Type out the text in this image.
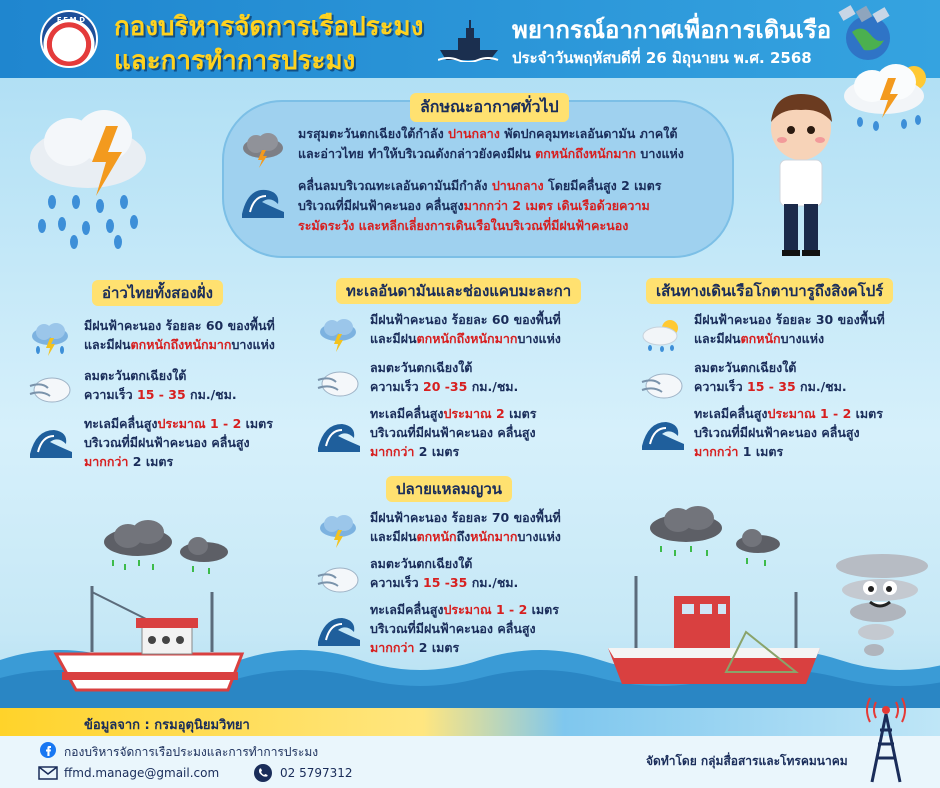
F.F.M.D	กองบริหารจัดการเรือประมง
และการทำการประมง
พยากรณ์อากาศเพื่อการเดินเรือ
ประจำวันพฤหัสบดีที่ 26 มิถุนายน พ.ศ. 2568
ลักษณะอากาศทั่วไป
มรสุมตะวันตกเฉียงใต้กำลัง ปานกลาง พัดปกคลุมทะเลอันดามัน ภาคใต้
และอ่าวไทย ทำให้บริเวณดังกล่าวยังคงมีฝน ตกหนักถึงหนักมาก บางแห่ง
คลื่นลมบริเวณทะเลอันดามันมีกำลัง ปานกลาง โดยมีคลื่นสูง 2 เมตร
บริเวณที่มีฝนฟ้าคะนอง คลื่นสูงมากกว่า 2 เมตร เดินเรือด้วยความ
ระมัดระวัง และหลีกเลี่ยงการเดินเรือในบริเวณที่มีฝนฟ้าคะนอง
อ่าวไทยทั้งสองฝั่ง
มีฝนฟ้าคะนอง ร้อยละ 60 ของพื้นที่
และมีฝนตกหนักถึงหนักมากบางแห่ง
ลมตะวันตกเฉียงใต้
ความเร็ว 15 - 35 กม./ชม.
ทะเลมีคลื่นสูงประมาณ 1 - 2 เมตร
บริเวณที่มีฝนฟ้าคะนอง คลื่นสูง
มากกว่า 2 เมตร
ทะเลอันดามันและช่องแคบมะละกา
มีฝนฟ้าคะนอง ร้อยละ 60 ของพื้นที่
และมีฝนตกหนักถึงหนักมากบางแห่ง
ลมตะวันตกเฉียงใต้
ความเร็ว 20 -35 กม./ชม.
ทะเลมีคลื่นสูงประมาณ 2 เมตร
บริเวณที่มีฝนฟ้าคะนอง คลื่นสูง
มากกว่า 2 เมตร
เส้นทางเดินเรือโกตาบารูถึงสิงคโปร์
มีฝนฟ้าคะนอง ร้อยละ 30 ของพื้นที่
และมีฝนตกหนักบางแห่ง
ลมตะวันตกเฉียงใต้
ความเร็ว 15 - 35 กม./ชม.
ทะเลมีคลื่นสูงประมาณ 1 - 2 เมตร
บริเวณที่มีฝนฟ้าคะนอง คลื่นสูง
มากกว่า 1 เมตร
ปลายแหลมญวน
มีฝนฟ้าคะนอง ร้อยละ 70 ของพื้นที่
และมีฝนตกหนักถึงหนักมากบางแห่ง
ลมตะวันตกเฉียงใต้
ความเร็ว 15 -35 กม./ชม.
ทะเลมีคลื่นสูงประมาณ 1 - 2 เมตร
บริเวณที่มีฝนฟ้าคะนอง คลื่นสูง
มากกว่า 2 เมตร
ข้อมูลจาก : กรมอุตุนิยมวิทยา
กองบริหารจัดการเรือประมงและการทำการประมง
ffmd.manage@gmail.com	02 5797312
จัดทำโดย กลุ่มสื่อสารและโทรคมนาคม
